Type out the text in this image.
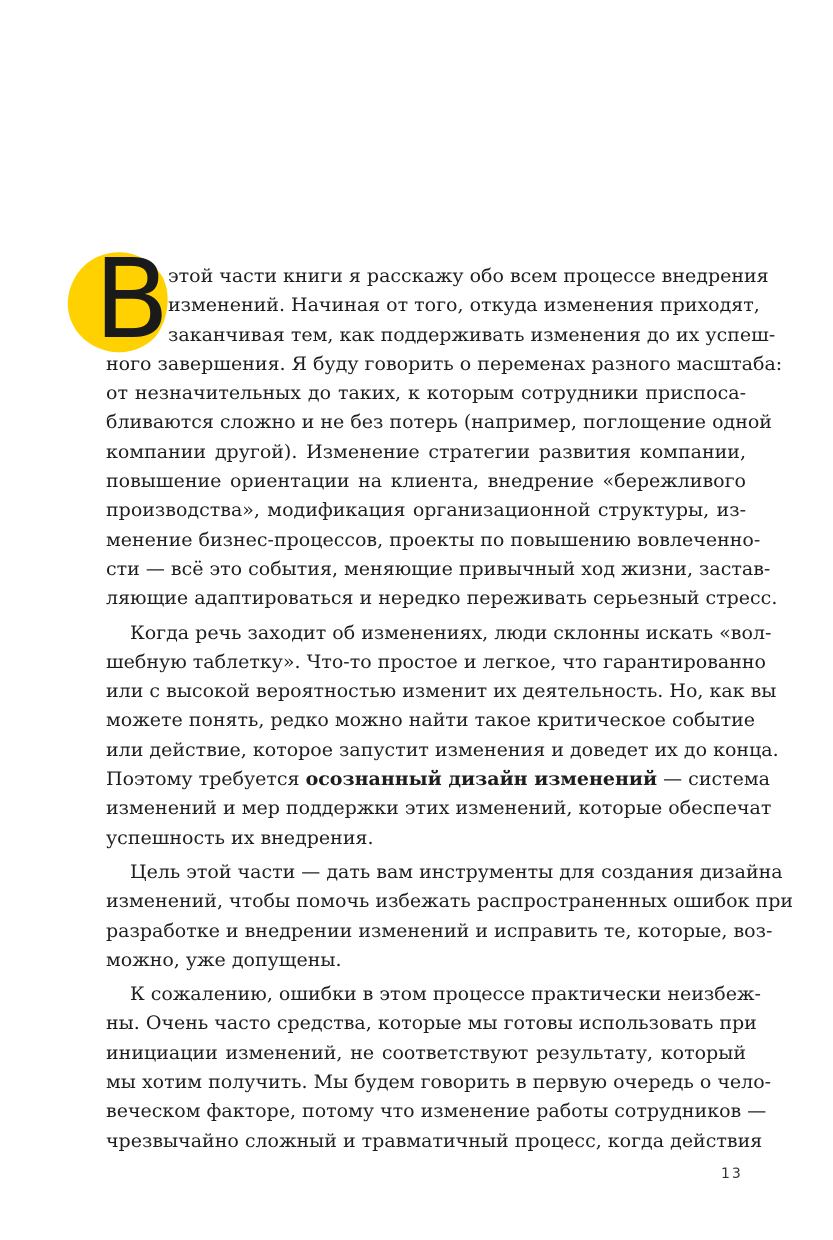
В
этой части книги я расскажу обо всем процессе внедрения
изменений. Начиная от того, откуда изменения приходят,
заканчивая тем, как поддерживать изменения до их успеш-
ного завершения. Я буду говорить о переменах разного масштаба:
от незначительных до таких, к которым сотрудники приспоса-
бливаются сложно и не без потерь (например, поглощение одной
компании другой). Изменение стратегии развития компании,
повышение ориентации на клиента, внедрение «бережливого
производства», модификация организационной структуры, из-
менение бизнес-процессов, проекты по повышению вовлеченно-
сти — всё это события, меняющие привычный ход жизни, застав-
ляющие адаптироваться и нередко переживать серьезный стресс.
Когда речь заходит об изменениях, люди склонны искать «вол-
шебную таблетку». Что-то простое и легкое, что гарантированно
или с высокой вероятностью изменит их деятельность. Но, как вы
можете понять, редко можно найти такое критическое событие
или действие, которое запустит изменения и доведет их до конца.
Поэтому требуется осознанный дизайн изменений — система
изменений и мер поддержки этих изменений, которые обеспечат
успешность их внедрения.
Цель этой части — дать вам инструменты для создания дизайна
изменений, чтобы помочь избежать распространенных ошибок при
разработке и внедрении изменений и исправить те, которые, воз-
можно, уже допущены.
К сожалению, ошибки в этом процессе практически неизбеж-
ны. Очень часто средства, которые мы готовы использовать при
инициации изменений, не соответствуют результату, который
мы хотим получить. Мы будем говорить в первую очередь о чело-
веческом факторе, потому что изменение работы сотрудников —
чрезвычайно сложный и травматичный процесс, когда действия
13
